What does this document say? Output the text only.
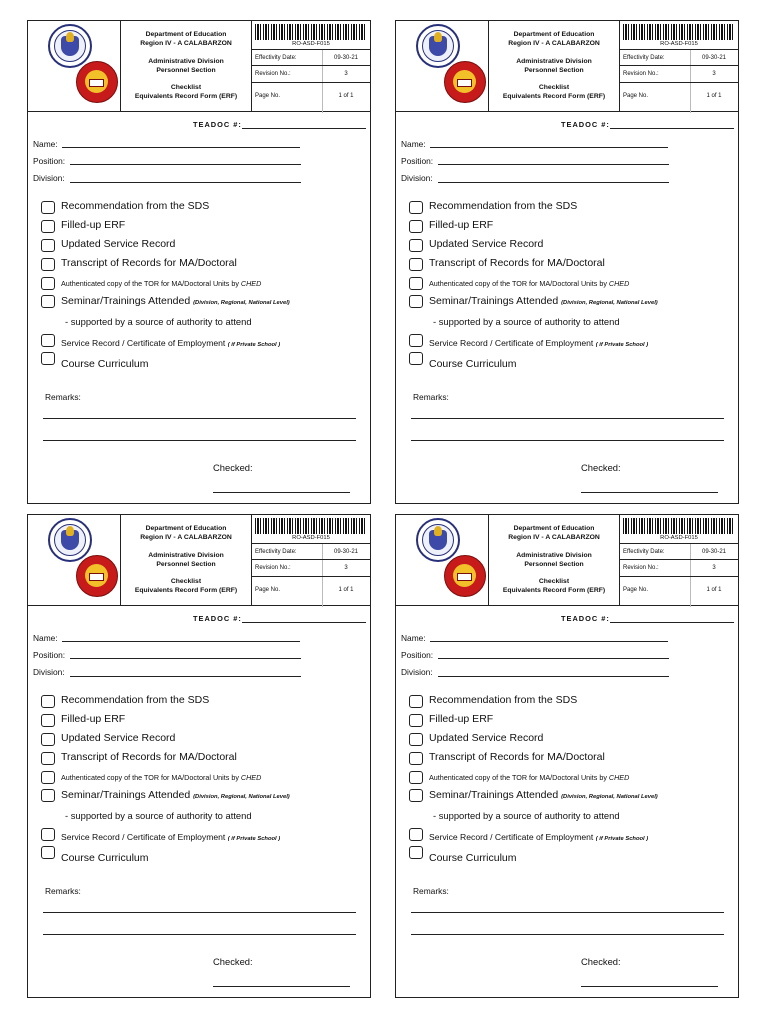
Department of Education
Region IV - A CALABARZON
Administrative Division
Personnel Section
Checklist
Equivalents Record Form (ERF)
RO-ASD-F015
Effectivity Date:	09-30-21
Revision No.:	3
Page No.	1 of 1
TEADOC #:
Name:
Position:
Division:
Recommendation from the SDS
Filled-up ERF
Updated Service Record
Transcript of Records for MA/Doctoral
Authenticated copy of the TOR for MA/Doctoral Units by CHED
Seminar/Trainings Attended (Division, Regional, National Level)
- supported by a source of authority to attend
Service Record / Certificate of Employment ( if Private School )
Course Curriculum
Remarks:
Checked:
Department of Education
Region IV - A CALABARZON
Administrative Division
Personnel Section
Checklist
Equivalents Record Form (ERF)
RO-ASD-F015
Effectivity Date:	09-30-21
Revision No.:	3
Page No.	1 of 1
TEADOC #:
Name:
Position:
Division:
Recommendation from the SDS
Filled-up ERF
Updated Service Record
Transcript of Records for MA/Doctoral
Authenticated copy of the TOR for MA/Doctoral Units by CHED
Seminar/Trainings Attended (Division, Regional, National Level)
- supported by a source of authority to attend
Service Record / Certificate of Employment ( if Private School )
Course Curriculum
Remarks:
Checked:
Department of Education
Region IV - A CALABARZON
Administrative Division
Personnel Section
Checklist
Equivalents Record Form (ERF)
RO-ASD-F015
Effectivity Date:	09-30-21
Revision No.:	3
Page No.	1 of 1
TEADOC #:
Name:
Position:
Division:
Recommendation from the SDS
Filled-up ERF
Updated Service Record
Transcript of Records for MA/Doctoral
Authenticated copy of the TOR for MA/Doctoral Units by CHED
Seminar/Trainings Attended (Division, Regional, National Level)
- supported by a source of authority to attend
Service Record / Certificate of Employment ( if Private School )
Course Curriculum
Remarks:
Checked:
Department of Education
Region IV - A CALABARZON
Administrative Division
Personnel Section
Checklist
Equivalents Record Form (ERF)
RO-ASD-F015
Effectivity Date:	09-30-21
Revision No.:	3
Page No.	1 of 1
TEADOC #:
Name:
Position:
Division:
Recommendation from the SDS
Filled-up ERF
Updated Service Record
Transcript of Records for MA/Doctoral
Authenticated copy of the TOR for MA/Doctoral Units by CHED
Seminar/Trainings Attended (Division, Regional, National Level)
- supported by a source of authority to attend
Service Record / Certificate of Employment ( if Private School )
Course Curriculum
Remarks:
Checked:
